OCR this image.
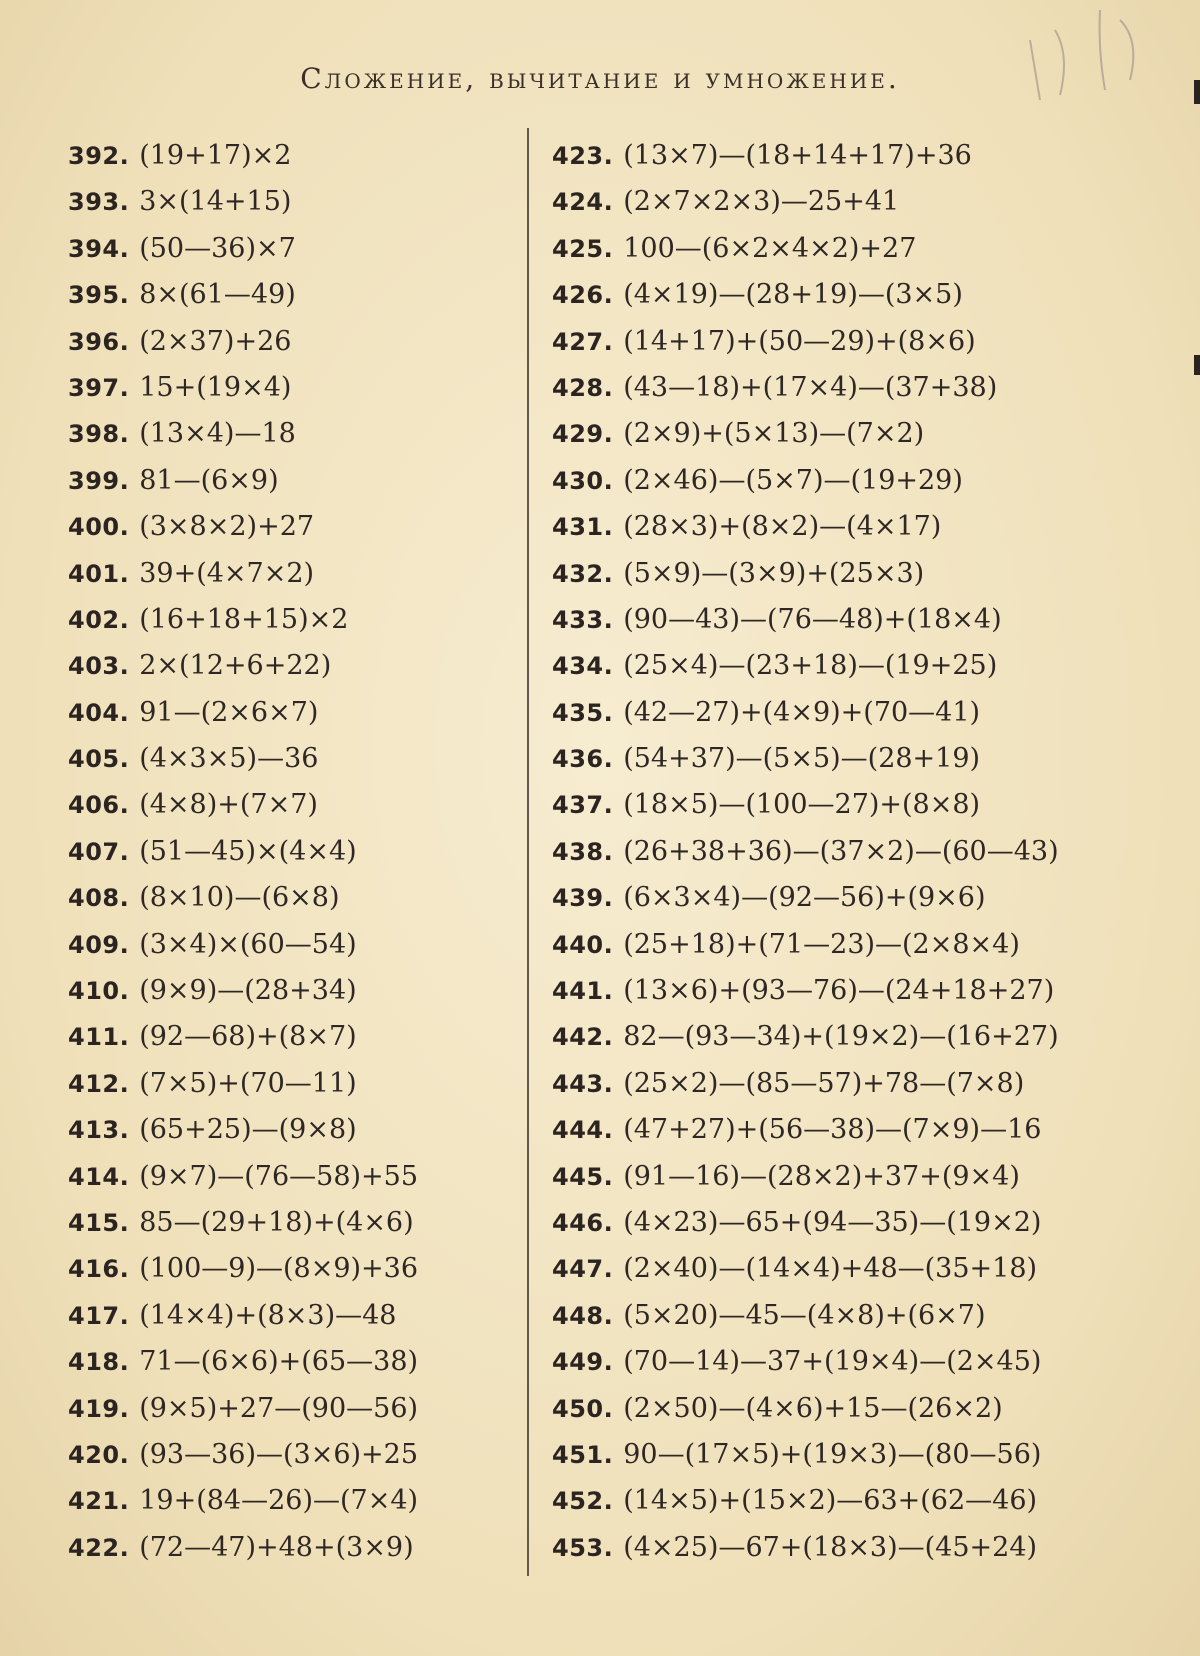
Сложение, вычитание и умножение.
392. (19+17)×2
393. 3×(14+15)
394. (50—36)×7
395. 8×(61—49)
396. (2×37)+26
397. 15+(19×4)
398. (13×4)—18
399. 81—(6×9)
400. (3×8×2)+27
401. 39+(4×7×2)
402. (16+18+15)×2
403. 2×(12+6+22)
404. 91—(2×6×7)
405. (4×3×5)—36
406. (4×8)+(7×7)
407. (51—45)×(4×4)
408. (8×10)—(6×8)
409. (3×4)×(60—54)
410. (9×9)—(28+34)
411. (92—68)+(8×7)
412. (7×5)+(70—11)
413. (65+25)—(9×8)
414. (9×7)—(76—58)+55
415. 85—(29+18)+(4×6)
416. (100—9)—(8×9)+36
417. (14×4)+(8×3)—48
418. 71—(6×6)+(65—38)
419. (9×5)+27—(90—56)
420. (93—36)—(3×6)+25
421. 19+(84—26)—(7×4)
422. (72—47)+48+(3×9)
423. (13×7)—(18+14+17)+36
424. (2×7×2×3)—25+41
425. 100—(6×2×4×2)+27
426. (4×19)—(28+19)—(3×5)
427. (14+17)+(50—29)+(8×6)
428. (43—18)+(17×4)—(37+38)
429. (2×9)+(5×13)—(7×2)
430. (2×46)—(5×7)—(19+29)
431. (28×3)+(8×2)—(4×17)
432. (5×9)—(3×9)+(25×3)
433. (90—43)—(76—48)+(18×4)
434. (25×4)—(23+18)—(19+25)
435. (42—27)+(4×9)+(70—41)
436. (54+37)—(5×5)—(28+19)
437. (18×5)—(100—27)+(8×8)
438. (26+38+36)—(37×2)—(60—43)
439. (6×3×4)—(92—56)+(9×6)
440. (25+18)+(71—23)—(2×8×4)
441. (13×6)+(93—76)—(24+18+27)
442. 82—(93—34)+(19×2)—(16+27)
443. (25×2)—(85—57)+78—(7×8)
444. (47+27)+(56—38)—(7×9)—16
445. (91—16)—(28×2)+37+(9×4)
446. (4×23)—65+(94—35)—(19×2)
447. (2×40)—(14×4)+48—(35+18)
448. (5×20)—45—(4×8)+(6×7)
449. (70—14)—37+(19×4)—(2×45)
450. (2×50)—(4×6)+15—(26×2)
451. 90—(17×5)+(19×3)—(80—56)
452. (14×5)+(15×2)—63+(62—46)
453. (4×25)—67+(18×3)—(45+24)
